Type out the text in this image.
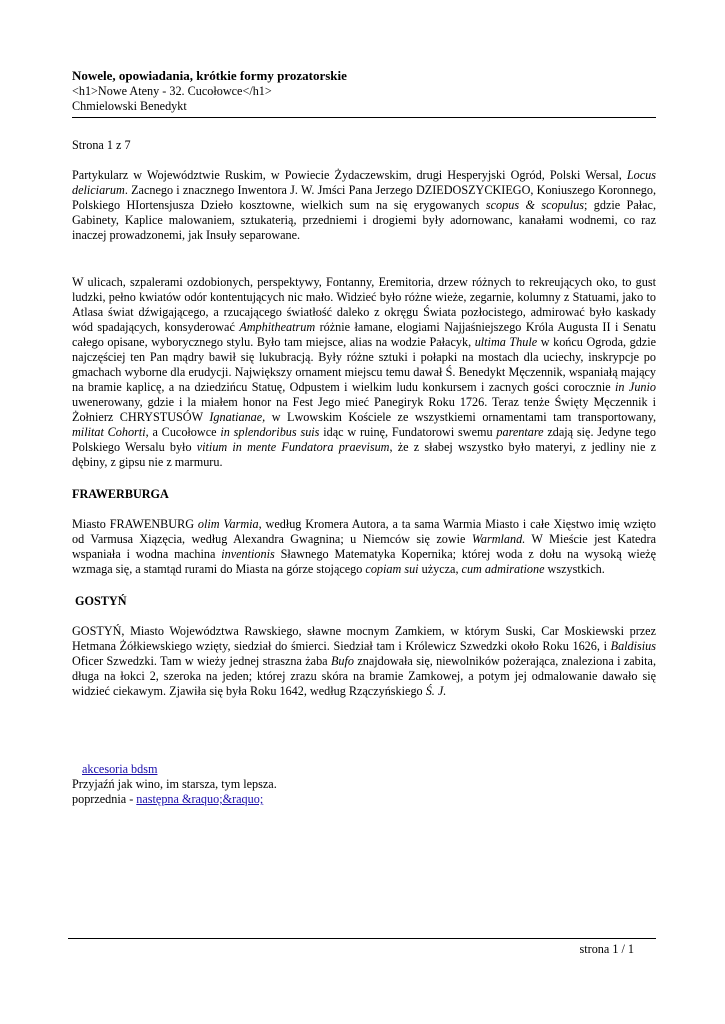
Nowele, opowiadania, krótkie formy prozatorskie

<h1>Nowe Ateny - 32. Cucołowce</h1>

Chmielowski Benedykt

Strona 1 z 7

Partykularz w Województwie Ruskim, w Powiecie Żydaczewskim, drugi Hesperyjski Ogród, Polski Wersal, Locus deliciarum. Zacnego i znacznego Inwentora J. W. Jmści Pana Jerzego DZIEDOSZYCKIEGO, Koniuszego Koronnego, Polskiego HIortensjusza Dzieło kosztowne, wielkich sum na się erygowanych scopus & scopulus; gdzie Pałac, Gabinety, Kaplice malowaniem, sztukaterią, przedniemi i drogiemi były adornowanc, kanałami wodnemi, co raz inaczej prowadzonemi, jak Insuły separowane.

W ulicach, szpalerami ozdobionych, perspektywy, Fontanny, Eremitoria, drzew różnych to rekreujących oko, to gust ludzki, pełno kwiatów odór kontentujących nic mało. Widzieć było różne wieże, zegarnie, kolumny z Statuami, jako to Atlasa świat dźwigającego, a rzucającego światłość daleko z okręgu Świata pozłocistego, admirować było kaskady wód spadających, konsyderować Amphitheatrum różnie łamane, elogiami Najjaśniejszego Króla Augusta II i Senatu całego opisane, wyborycznego stylu. Było tam miejsce, alias na wodzie Pałacyk, ultima Thule w końcu Ogroda, gdzie najczęściej ten Pan mądry bawił się lukubracją. Były różne sztuki i połapki na mostach dla uciechy, inskrypcje po gmachach wyborne dla erudycji. Największy ornament miejscu temu dawał Ś. Benedykt Męczennik, wspaniałą mający na bramie kaplicę, a na dziedzińcu Statuę, Odpustem i wielkim ludu konkursem i zacnych gości corocznie in Junio uwenerowany, gdzie i la miałem honor na Fest Jego mieć Panegiryk Roku 1726. Teraz tenże Święty Męczennik i Żołnierz CHRYSTUSÓW Ignatianae, w Lwowskim Kościele ze wszystkiemi ornamentami tam transportowany, militat Cohorti, a Cucołowce in splendoribus suis idąc w ruinę, Fundatorowi swemu parentare zdają się. Jedyne tego Polskiego Wersalu było vitium in mente Fundatora praevisum, że z słabej wszystko było materyi, z jedliny nie z dębiny, z gipsu nie z marmuru.

FRAWERBURGA

Miasto FRAWENBURG olim Varmia, według Kromera Autora, a ta sama Warmia Miasto i całe Xięstwo imię wzięto od Varmusa Xiązęcia, według Alexandra Gwagnina; u Niemców się zowie Warmland. W Mieście jest Katedra wspaniała i wodna machina inventionis Sławnego Matematyka Kopernika; której woda z dołu na wysoką wieżę wzmaga się, a stamtąd rurami do Miasta na górze stojącego copiam sui użycza, cum admiratione wszystkich.

GOSTYŃ

GOSTYŃ, Miasto Województwa Rawskiego, sławne mocnym Zamkiem, w którym Suski, Car Moskiewski przez Hetmana Żółkiewskiego wzięty, siedział do śmierci. Siedział tam i Królewicz Szwedzki około Roku 1626, i Baldisius Oficer Szwedzki. Tam w wieży jednej straszna żaba Bufo znajdowała się, niewolników pożerająca, znaleziona i zabita, długa na łokci 2, szeroka na jeden; której zrazu skóra na bramie Zamkowej, a potym jej odmalowanie dawało się widzieć ciekawym. Zjawiła się była Roku 1642, według Rzączyńskiego Ś. J.

akcesoria bdsm

Przyjaźń jak wino, im starsza, tym lepsza.

poprzednia - następna &raquo;&raquo;

strona 1 / 1
